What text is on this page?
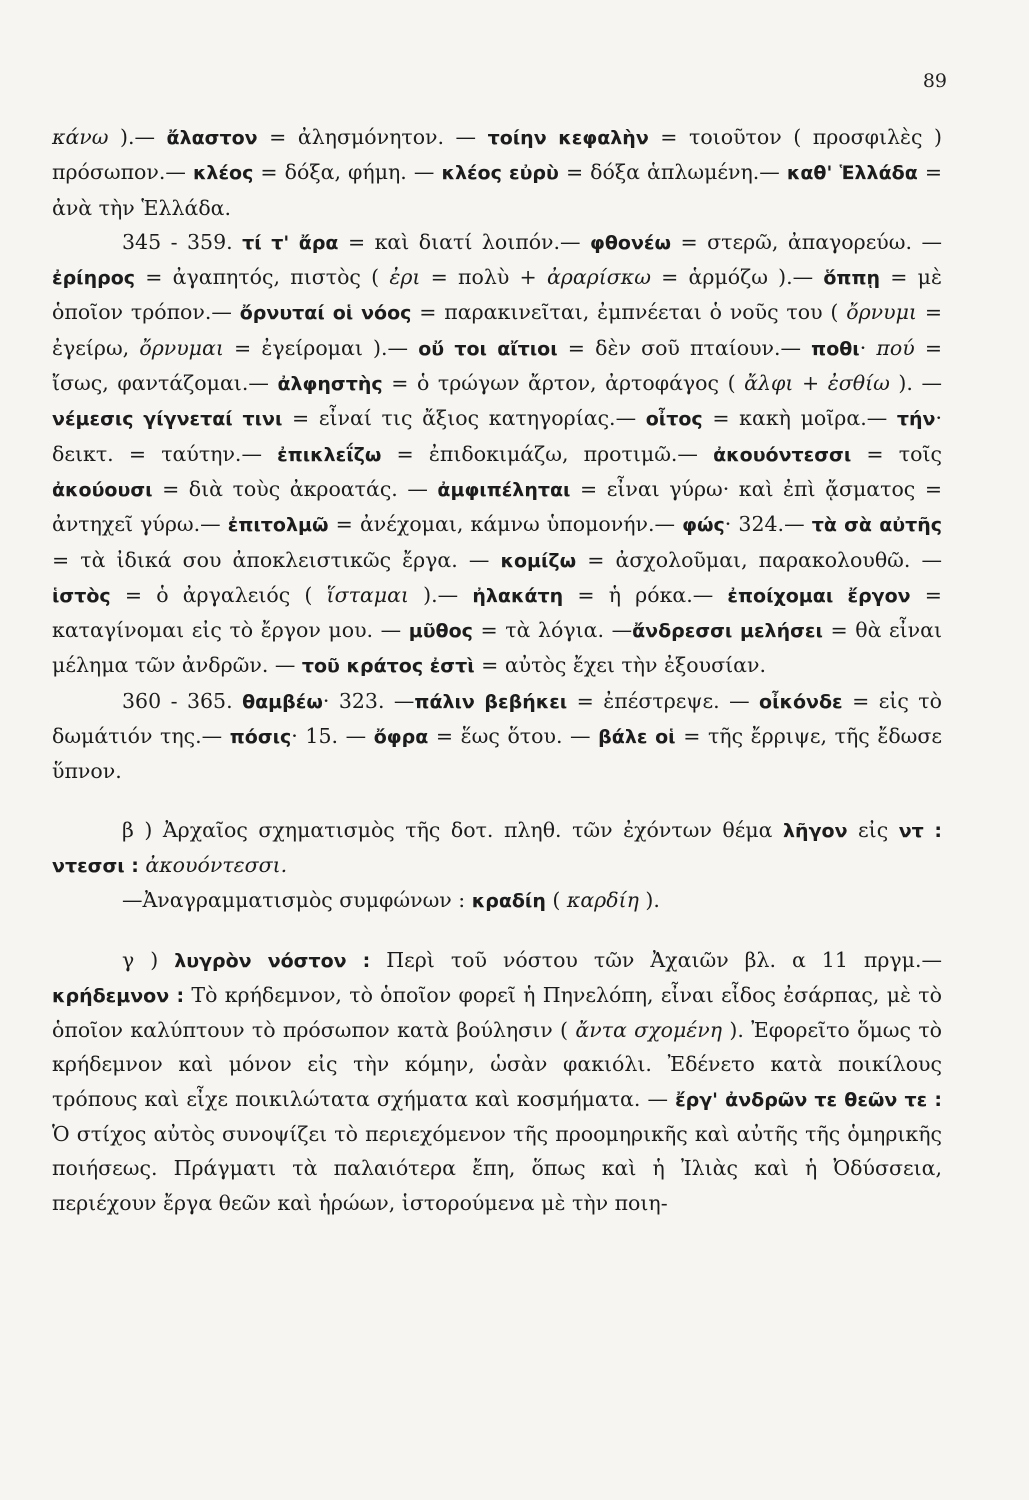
89

κάνω ).— ἄλαστον = ἀλησμόνητον. — τοίην κεφαλὴν = τοιοῦτον ( προσφιλὲς ) πρόσωπον.— κλέος = δόξα, φήμη. — κλέος εὐρὺ = δόξα ἁπλωμένη.— καθ' Ἑλλάδα = ἀνὰ τὴν Ἑλλάδα.

345 - 359. τί τ' ἄρα = καὶ διατί λοιπόν.— φθονέω = στερῶ, ἀπαγορεύω. — ἐρίηρος = ἀγαπητός, πιστὸς ( ἐρι = πολὺ + ἀραρίσκω = ἁρμόζω ).— ὅππῃ = μὲ ὁποῖον τρόπον.— ὄρνυταί οἱ νόος = παρακινεῖται, ἐμπνέεται ὁ νοῦς του ( ὄρνυμι = ἐγείρω, ὄρνυμαι = ἐγείρομαι ).— οὔ τοι αἴτιοι = δὲν σοῦ πταίουν.— ποθι· πού = ἴσως, φαντάζομαι.— ἀλφηστὴς = ὁ τρώγων ἄρτον, ἀρτοφάγος ( ἄλφι + ἐσθίω ). —νέμεσις γίγνεταί τινι = εἶναί τις ἄξιος κατηγορίας.— οἶτος = κακὴ μοῖρα.— τήν· δεικτ. = ταύτην.— ἐπικλεΐζω = ἐπιδοκιμάζω, προτιμῶ.— ἀκουόντεσσι = τοῖς ἀκούουσι = διὰ τοὺς ἀκροατάς. — ἀμφιπέληται = εἶναι γύρω· καὶ ἐπὶ ᾄσματος = ἀντηχεῖ γύρω.— ἐπιτολμῶ = ἀνέχομαι, κάμνω ὑπομονήν.— φώς· 324.— τὰ σὰ αὐτῆς = τὰ ἰδικά σου ἀποκλειστικῶς ἔργα. — κομίζω = ἀσχολοῦμαι, παρακολουθῶ. — ἱστὸς = ὁ ἀργαλειός ( ἵσταμαι ).— ἠλακάτη = ἡ ρόκα.— ἐποίχομαι ἔργον = καταγίνομαι εἰς τὸ ἔργον μου. — μῦθος = τὰ λόγια. —ἄνδρεσσι μελήσει = θὰ εἶναι μέλημα τῶν ἀνδρῶν. — τοῦ κράτος ἐστὶ = αὐτὸς ἔχει τὴν ἐξουσίαν.

360 - 365. θαμβέω· 323. —πάλιν βεβήκει = ἐπέστρεψε. — οἶκόνδε = εἰς τὸ δωμάτιόν της.— πόσις· 15. — ὄφρα = ἕως ὅτου. — βάλε οἱ = τῆς ἔρριψε, τῆς ἔδωσε ὕπνον.

β ) Ἀρχαῖος σχηματισμὸς τῆς δοτ. πληθ. τῶν ἐχόντων θέμα λῆγον εἰς ντ : ντεσσι : ἀκουόντεσσι.

—Ἀναγραμματισμὸς συμφώνων : κραδίη ( καρδίη ).

γ ) λυγρὸν νόστον : Περὶ τοῦ νόστου τῶν Ἀχαιῶν βλ. α 11 πργμ.— κρήδεμνον : Τὸ κρήδεμνον, τὸ ὁποῖον φορεῖ ἡ Πηνελόπη, εἶναι εἶδος ἐσάρπας, μὲ τὸ ὁποῖον καλύπτουν τὸ πρόσωπον κατὰ βούλησιν ( ἄντα σχομένη ). Ἐφορεῖτο ὅμως τὸ κρήδεμνον καὶ μόνον εἰς τὴν κόμην, ὡσὰν φακιόλι. Ἐδένετο κατὰ ποικίλους τρόπους καὶ εἶχε ποικιλώτατα σχήματα καὶ κοσμήματα. — ἔργ' ἀνδρῶν τε θεῶν τε : Ὁ στίχος αὐτὸς συνοψίζει τὸ περιεχόμενον τῆς προομηρικῆς καὶ αὐτῆς τῆς ὁμηρικῆς ποιήσεως. Πράγματι τὰ παλαιότερα ἔπη, ὅπως καὶ ἡ Ἰλιὰς καὶ ἡ Ὀδύσσεια, περιέχουν ἔργα θεῶν καὶ ἡρώων, ἱστορούμενα μὲ τὴν ποιη-
